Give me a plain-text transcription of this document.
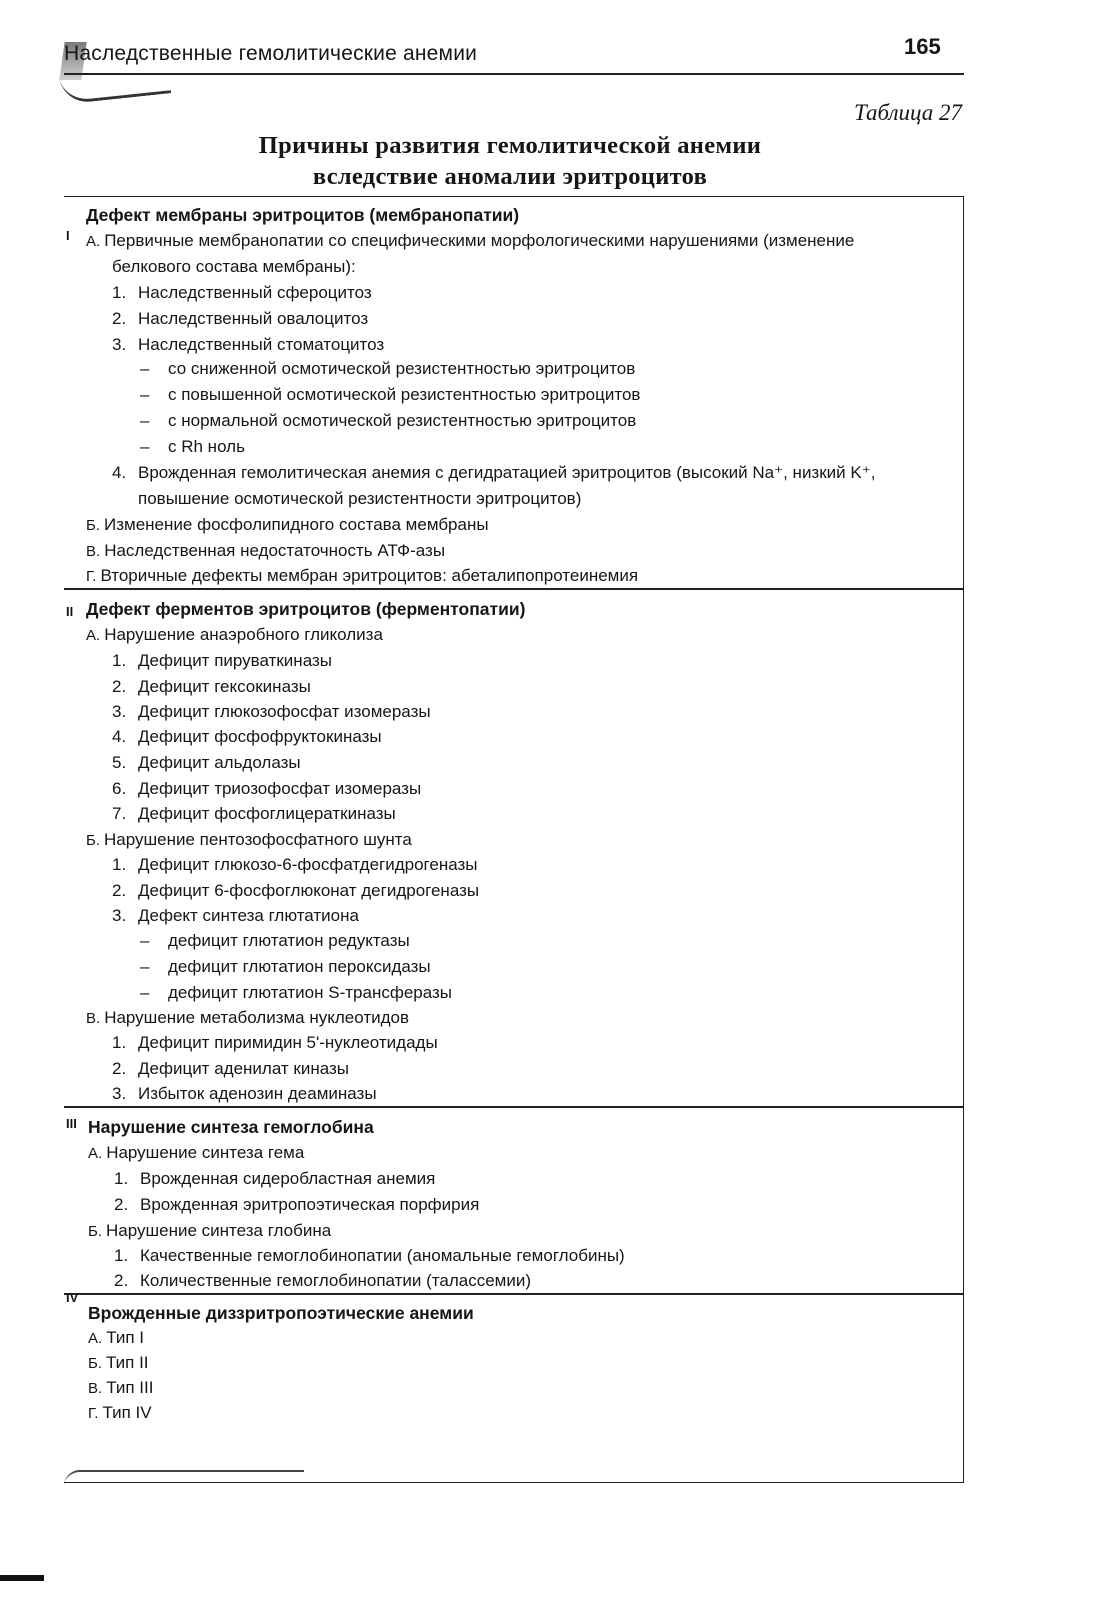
Наследственные гемолитические анемии	165
Таблица 27
Причины развития гемолитической анемии
вследствие аномалии эритроцитов
I
Дефект мембраны эритроцитов (мембранопатии)
А. Первичные мембранопатии со специфическими морфологическими нарушениями (изменение
белкового состава мембраны):
1. Наследственный сфероцитоз
2. Наследственный овалоцитоз
3. Наследственный стоматоцитоз
– со сниженной осмотической резистентностью эритроцитов
– с повышенной осмотической резистентностью эритроцитов
– с нормальной осмотической резистентностью эритроцитов
– с Rh ноль
4. Врожденная гемолитическая анемия с дегидратацией эритроцитов (высокий Na⁺, низкий K⁺,
повышение осмотической резистентности эритроцитов)
Б. Изменение фосфолипидного состава мембраны
В. Наследственная недостаточность АТФ-азы
Г. Вторичные дефекты мембран эритроцитов: абеталипопротеинемия
II Дефект ферментов эритроцитов (ферментопатии)
А. Нарушение анаэробного гликолиза
1. Дефицит пируваткиназы
2. Дефицит гексокиназы
3. Дефицит глюкозофосфат изомеразы
4. Дефицит фосфофруктокиназы
5. Дефицит альдолазы
6. Дефицит триозофосфат изомеразы
7. Дефицит фосфоглицераткиназы
Б. Нарушение пентозофосфатного шунта
1. Дефицит глюкозо-6-фосфатдегидрогеназы
2. Дефицит 6-фосфоглюконат дегидрогеназы
3. Дефект синтеза глютатиона
– дефицит глютатион редуктазы
– дефицит глютатион пероксидазы
– дефицит глютатион S-трансферазы
В. Нарушение метаболизма нуклеотидов
1. Дефицит пиримидин 5'-нуклеотидады
2. Дефицит аденилат киназы
3. Избыток аденозин деаминазы
III Нарушение синтеза гемоглобина
А. Нарушение синтеза гема
1. Врожденная сидеробластная анемия
2. Врожденная эритропоэтическая порфирия
Б. Нарушение синтеза глобина
1. Качественные гемоглобинопатии (аномальные гемоглобины)
2. Количественные гемоглобинопатии (талассемии)
IV
Врожденные диззритропоэтические анемии
А. Тип I
Б. Тип II
В. Тип III
Г. Тип IV
